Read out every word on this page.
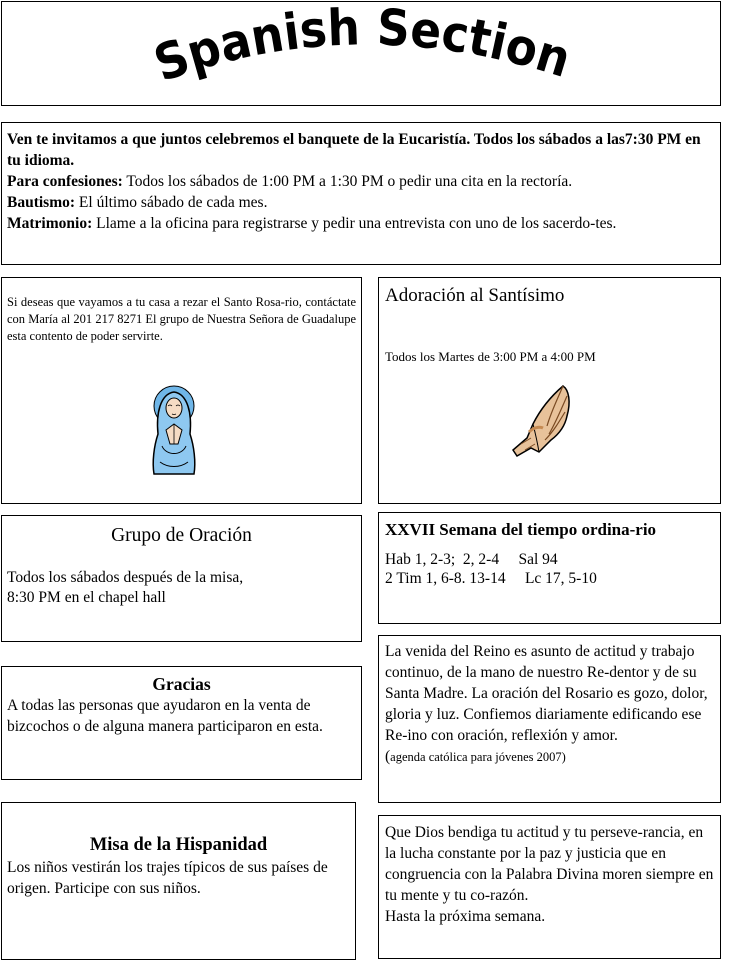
Spanish Section

Ven te invitamos a que juntos celebremos el banquete de la Eucaristía. Todos los sábados a las7:30 PM en tu idioma.

Para confesiones: Todos los sábados de 1:00 PM a 1:30 PM o pedir una cita en la rectoría.

Bautismo: El último sábado de cada mes.

Matrimonio: Llame a la oficina para registrarse y pedir una entrevista con uno de los sacerdo-tes.

Si deseas que vayamos a tu casa a rezar el Santo Rosa-rio, contáctate con María al 201 217 8271 El grupo de Nuestra Señora de Guadalupe esta contento de poder servirte.

Adoración al Santísimo

Todos los Martes de 3:00 PM a 4:00 PM

Grupo de Oración

Todos los sábados después de la misa,
8:30 PM en el chapel hall

XXVII Semana del tiempo ordina-rio

Hab 1, 2-3;  2, 2-4     Sal 94
2 Tim 1, 6-8. 13-14     Lc 17, 5-10

Gracias

A todas las personas que ayudaron en la venta de bizcochos o de alguna manera participaron en esta.

La venida del Reino es asunto de actitud y trabajo continuo, de la mano de nuestro Re-dentor y de su Santa Madre. La oración del Rosario es gozo, dolor, gloria y luz. Confiemos diariamente edificando ese Re-ino con oración, reflexión y amor.

(agenda católica para jóvenes 2007)

Misa de la Hispanidad

Los niños vestirán los trajes típicos de sus países de origen. Participe con sus niños.

Que Dios bendiga tu actitud y tu perseve-rancia, en la lucha constante por la paz y justicia que en congruencia con la Palabra Divina moren siempre en tu mente y tu co-razón.

Hasta la próxima semana.
